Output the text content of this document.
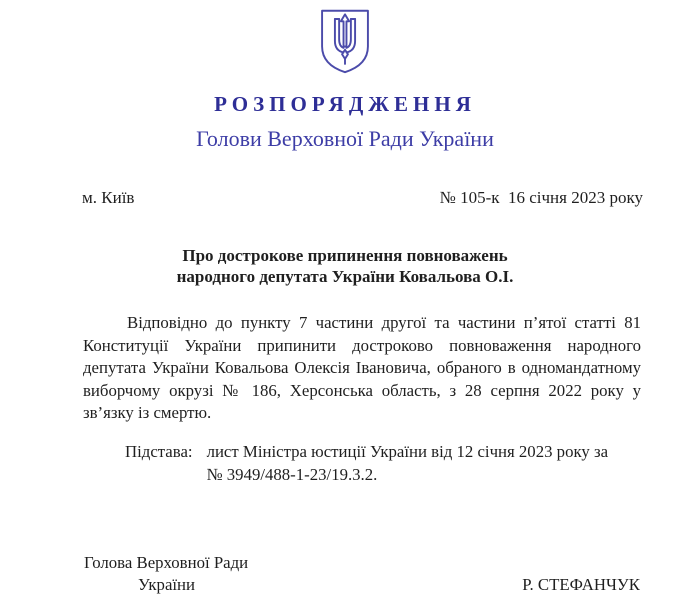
РОЗПОРЯДЖЕННЯ
Голови Верховної Ради України
м. Київ	№ 105-к  16 січня 2023 року
Про дострокове припинення повноважень
народного депутата України Ковальова О.І.

Відповідно до пункту 7 частини другої та частини п’ятої статті 81 Конституції України припинити достроково повноваження народного депутата України Ковальова Олексія Івановича, обраного в одномандатному виборчому окрузі № 186, Херсонська область, з 28 серпня 2022 року у зв’язку із смертю.

Підстава: лист Міністра юстиції України від 12 січня 2023 року за
№ 3949/488-1-23/19.3.2.
Голова Верховної Ради
України	Р. СТЕФАНЧУК
